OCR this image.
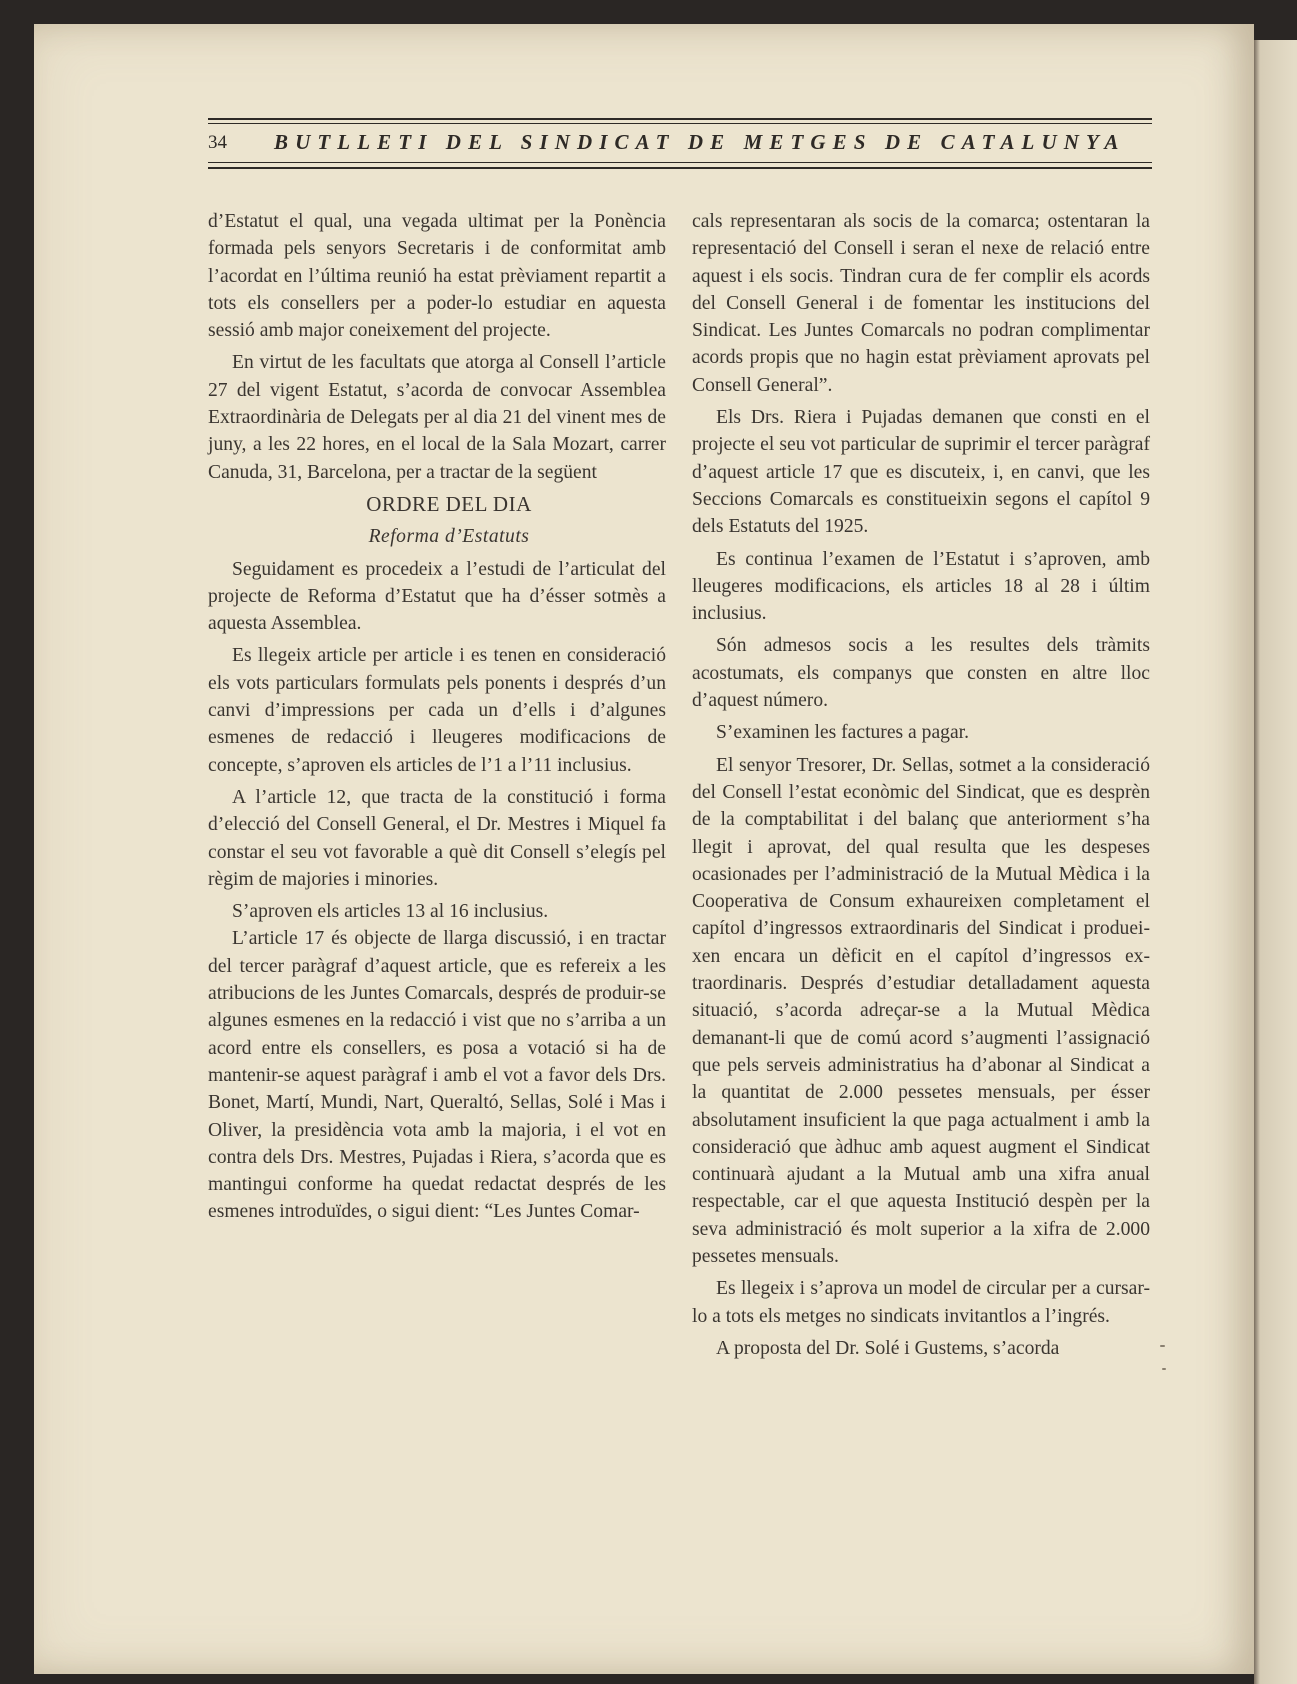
34 BUTLLETI DEL SINDICAT DE METGES DE CATALUNYA

d’Estatut el qual, una vegada ultimat per la Ponència formada pels senyors Secretaris i de conformitat amb l’acordat en l’última reunió ha estat prèviament repartit a tots els consellers per a poder-lo estudiar en aquesta sessió amb major coneixement del projecte.

En virtut de les facultats que atorga al Consell l’article 27 del vigent Estatut, s’acorda de convocar Assemblea Extraordinària de Delegats per al dia 21 del vinent mes de juny, a les 22 hores, en el local de la Sala Mozart, carrer Canuda, 31, Barcelona, per a tractar de la següent

ORDRE DEL DIA

Reforma d’Estatuts

Seguidament es procedeix a l’estudi de l’articulat del projecte de Reforma d’Estatut que ha d’ésser sotmès a aquesta Assemblea.

Es llegeix article per article i es tenen en consideració els vots particulars formulats pels ponents i després d’un canvi d’impressions per cada un d’ells i d’algunes esmenes de redacció i lleugeres modificacions de concepte, s’aproven els articles de l’1 a l’11 inclusius.

A l’article 12, que tracta de la constitució i forma d’elecció del Consell General, el Dr. Mestres i Miquel fa constar el seu vot favorable a què dit Consell s’elegís pel règim de majories i minories.

S’aproven els articles 13 al 16 inclusius.

L’article 17 és objecte de llarga discussió, i en tractar del tercer paràgraf d’aquest article, que es refereix a les atribucions de les Juntes Comarcals, després de produir-se algunes esmenes en la redacció i vist que no s’arriba a un acord entre els consellers, es posa a votació si ha de mantenir-se aquest paràgraf i amb el vot a favor dels Drs. Bonet, Martí, Mundi, Nart, Queraltó, Sellas, Solé i Mas i Oliver, la presidència vota amb la majoria, i el vot en contra dels Drs. Mestres, Pujadas i Riera, s’acorda que es mantingui conforme ha quedat redactat després de les esmenes introduïdes, o sigui dient: “Les Juntes Comar-

cals representaran als socis de la comarca; ostentaran la representació del Consell i seran el nexe de relació entre aquest i els socis. Tindran cura de fer complir els acords del Consell General i de fomentar les institucions del Sindicat. Les Juntes Comarcals no podran complimentar acords propis que no hagin estat prèviament aprovats pel Consell General”.

Els Drs. Riera i Pujadas demanen que consti en el projecte el seu vot particular de suprimir el tercer paràgraf d’aquest article 17 que es discuteix, i, en canvi, que les Seccions Comarcals es constitueixin segons el capítol 9 dels Estatuts del 1925.

Es continua l’examen de l’Estatut i s’aproven, amb lleugeres modificacions, els articles 18 al 28 i últim inclusius.

Són admesos socis a les resultes dels tràmits acostumats, els companys que consten en altre lloc d’aquest número.

S’examinen les factures a pagar.

El senyor Tresorer, Dr. Sellas, sotmet a la consideració del Consell l’estat econòmic del Sindicat, que es desprèn de la comptabilitat i del balanç que anteriorment s’ha llegit i aprovat, del qual resulta que les despeses ocasionades per l’administració de la Mutual Mèdica i la Cooperativa de Consum exhaureixen completament el capítol d’ingressos extraordinaris del Sindicat i produeixen encara un dèficit en el capítol d’ingressos extraordinaris. Després d’estudiar detalladament aquesta situació, s’acorda adreçar-se a la Mutual Mèdica demanant-li que de comú acord s’augmenti l’assignació que pels serveis administratius ha d’abonar al Sindicat a la quantitat de 2.000 pessetes mensuals, per ésser absolutament insuficient la que paga actualment i amb la consideració que àdhuc amb aquest augment el Sindicat continuarà ajudant a la Mutual amb una xifra anual respectable, car el que aquesta Institució despèn per la seva administració és molt superior a la xifra de 2.000 pessetes mensuals.

Es llegeix i s’aprova un model de circular per a cursar-lo a tots els metges no sindicats invitantlos a l’ingrés.

A proposta del Dr. Solé i Gustems, s’acorda
